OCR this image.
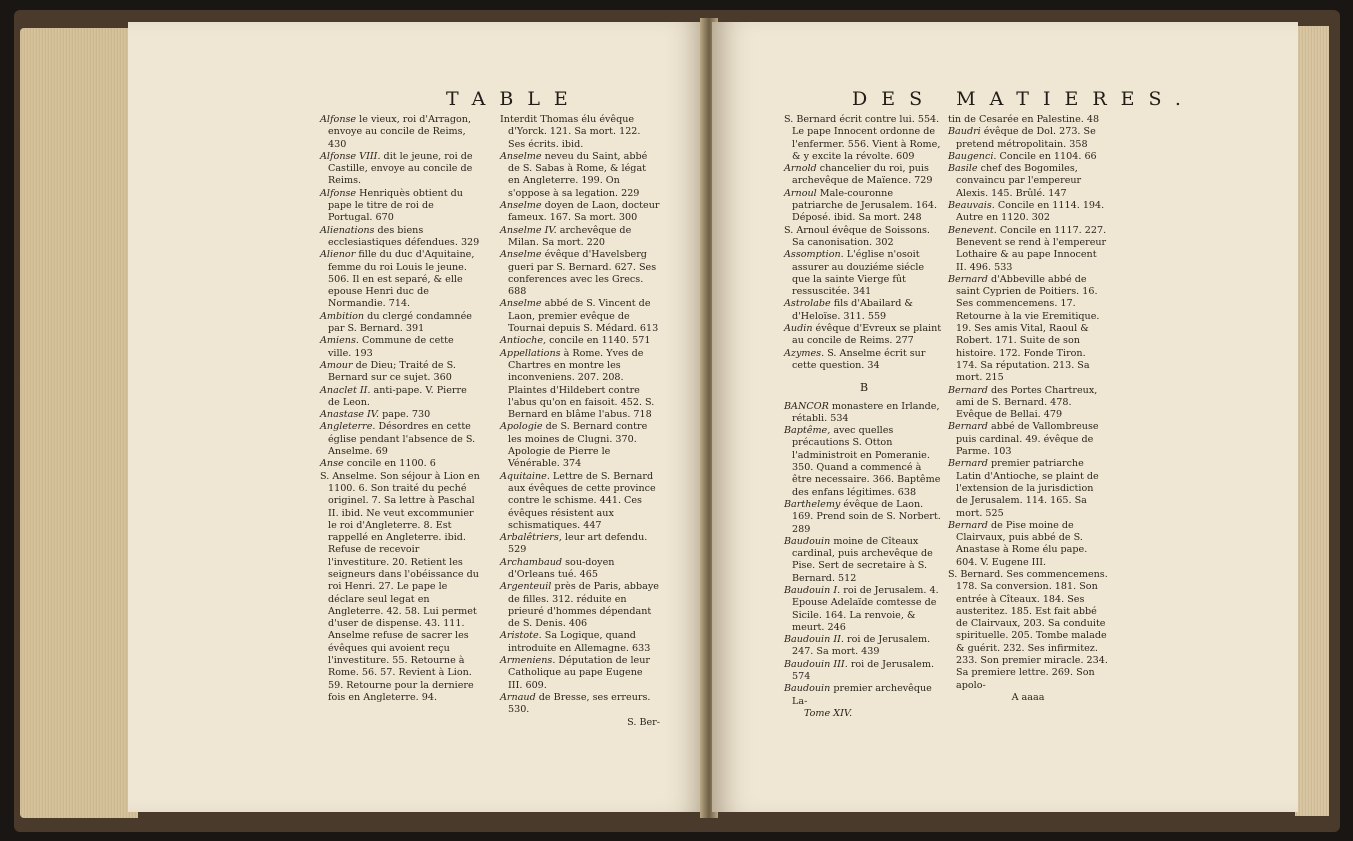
TABLE
Alfonse le vieux, roi d'Arragon, envoye au concile de Reims, 430
Alfonse VIII. dit le jeune, roi de Castille, envoye au concile de Reims.
Alfonse Henriquès obtient du pape le titre de roi de Portugal. 670
Alienations des biens ecclesiastiques défendues. 329
Alienor fille du duc d'Aquitaine, femme du roi Louis le jeune. 506. Il en est separé, & elle epouse Henri duc de Normandie. 714.
Ambition du clergé condamnée par S. Bernard. 391
Amiens. Commune de cette ville. 193
Amour de Dieu; Traité de S. Bernard sur ce sujet. 360
Anaclet II. anti-pape. V. Pierre de Leon.
Anastase IV. pape. 730
Angleterre. Désordres en cette église pendant l'absence de S. Anselme. 69
Anse concile en 1100. 6
S. Anselme. Son séjour à Lion en 1100. 6. Son traité du peché originel. 7. Sa lettre à Paschal II. ibid. Ne veut excommunier le roi d'Angleterre. 8. Est rappellé en Angleterre. ibid. Refuse de recevoir l'investiture. 20. Retient les seigneurs dans l'obéissance du roi Henri. 27. Le pape le déclare seul legat en Angleterre. 42. 58. Lui permet d'user de dispense. 43. 111. Anselme refuse de sacrer les évêques qui avoient reçu l'investiture. 55. Retourne à Rome. 56. 57. Revient à Lion. 59. Retourne pour la derniere fois en Angleterre. 94.
Interdit Thomas élu évêque d'Yorck. 121. Sa mort. 122. Ses écrits. ibid.
Anselme neveu du Saint, abbé de S. Sabas à Rome, & légat en Angleterre. 199. On s'oppose à sa legation. 229
Anselme doyen de Laon, docteur fameux. 167. Sa mort. 300
Anselme IV. archevêque de Milan. Sa mort. 220
Anselme évêque d'Havelsberg gueri par S. Bernard. 627. Ses conferences avec les Grecs. 688
Anselme abbé de S. Vincent de Laon, premier evêque de Tournai depuis S. Médard. 613
Antioche, concile en 1140. 571
Appellations à Rome. Yves de Chartres en montre les inconveniens. 207. 208. Plaintes d'Hildebert contre l'abus qu'on en faisoit. 452. S. Bernard en blâme l'abus. 718
Apologie de S. Bernard contre les moines de Clugni. 370. Apologie de Pierre le Vénérable. 374
Aquitaine. Lettre de S. Bernard aux évêques de cette province contre le schisme. 441. Ces évêques résistent aux schismatiques. 447
Arbalêtriers, leur art defendu. 529
Archambaud sou-doyen d'Orleans tué. 465
Argenteuil près de Paris, abbaye de filles. 312. réduite en prieuré d'hommes dépendant de S. Denis. 406
Aristote. Sa Logique, quand introduite en Allemagne. 633
Armeniens. Députation de leur Catholique au pape Eugene III. 609.
Arnaud de Bresse, ses erreurs. 530.
S. Ber-
DES MATIERES.
S. Bernard écrit contre lui. 554. Le pape Innocent ordonne de l'enfermer. 556. Vient à Rome, & y excite la révolte. 609
Arnold chancelier du roi, puis archevêque de Maïence. 729
Arnoul Male-couronne patriarche de Jerusalem. 164. Déposé. ibid. Sa mort. 248
S. Arnoul évêque de Soissons. Sa canonisation. 302
Assomption. L'église n'osoit assurer au douziéme siécle que la sainte Vierge fût ressuscitée. 341
Astrolabe fils d'Abailard & d'Heloïse. 311. 559
Audin évêque d'Evreux se plaint au concile de Reims. 277
Azymes. S. Anselme écrit sur cette question. 34
B
BANCOR monastere en Irlande, rétabli. 534
Baptême, avec quelles précautions S. Otton l'administroit en Pomeranie. 350. Quand a commencé à être necessaire. 366. Baptême des enfans légitimes. 638
Barthelemy évêque de Laon. 169. Prend soin de S. Norbert. 289
Baudouin moine de Cîteaux cardinal, puis archevêque de Pise. Sert de secretaire à S. Bernard. 512
Baudouin I. roi de Jerusalem. 4. Epouse Adelaïde comtesse de Sicile. 164. La renvoie, & meurt. 246
Baudouin II. roi de Jerusalem. 247. Sa mort. 439
Baudouin III. roi de Jerusalem. 574
Baudouin premier archevêque La-
Tome XIV.
tin de Cesarée en Palestine. 48
Baudri évêque de Dol. 273. Se pretend métropolitain. 358
Baugenci. Concile en 1104. 66
Basile chef des Bogomiles, convaincu par l'empereur Alexis. 145. Brûlé. 147
Beauvais. Concile en 1114. 194. Autre en 1120. 302
Benevent. Concile en 1117. 227. Benevent se rend à l'empereur Lothaire & au pape Innocent II. 496. 533
Bernard d'Abbeville abbé de saint Cyprien de Poitiers. 16. Ses commencemens. 17. Retourne à la vie Eremitique. 19. Ses amis Vital, Raoul & Robert. 171. Suite de son histoire. 172. Fonde Tiron. 174. Sa réputation. 213. Sa mort. 215
Bernard des Portes Chartreux, ami de S. Bernard. 478. Evêque de Bellai. 479
Bernard abbé de Vallombreuse puis cardinal. 49. évêque de Parme. 103
Bernard premier patriarche Latin d'Antioche, se plaint de l'extension de la jurisdiction de Jerusalem. 114. 165. Sa mort. 525
Bernard de Pise moine de Clairvaux, puis abbé de S. Anastase à Rome élu pape. 604. V. Eugene III.
S. Bernard. Ses commencemens. 178. Sa conversion. 181. Son entrée à Cîteaux. 184. Ses austeritez. 185. Est fait abbé de Clairvaux, 203. Sa conduite spirituelle. 205. Tombe malade & guérit. 232. Ses infirmitez. 233. Son premier miracle. 234. Sa premiere lettre. 269. Son apolo-
A aaaa
